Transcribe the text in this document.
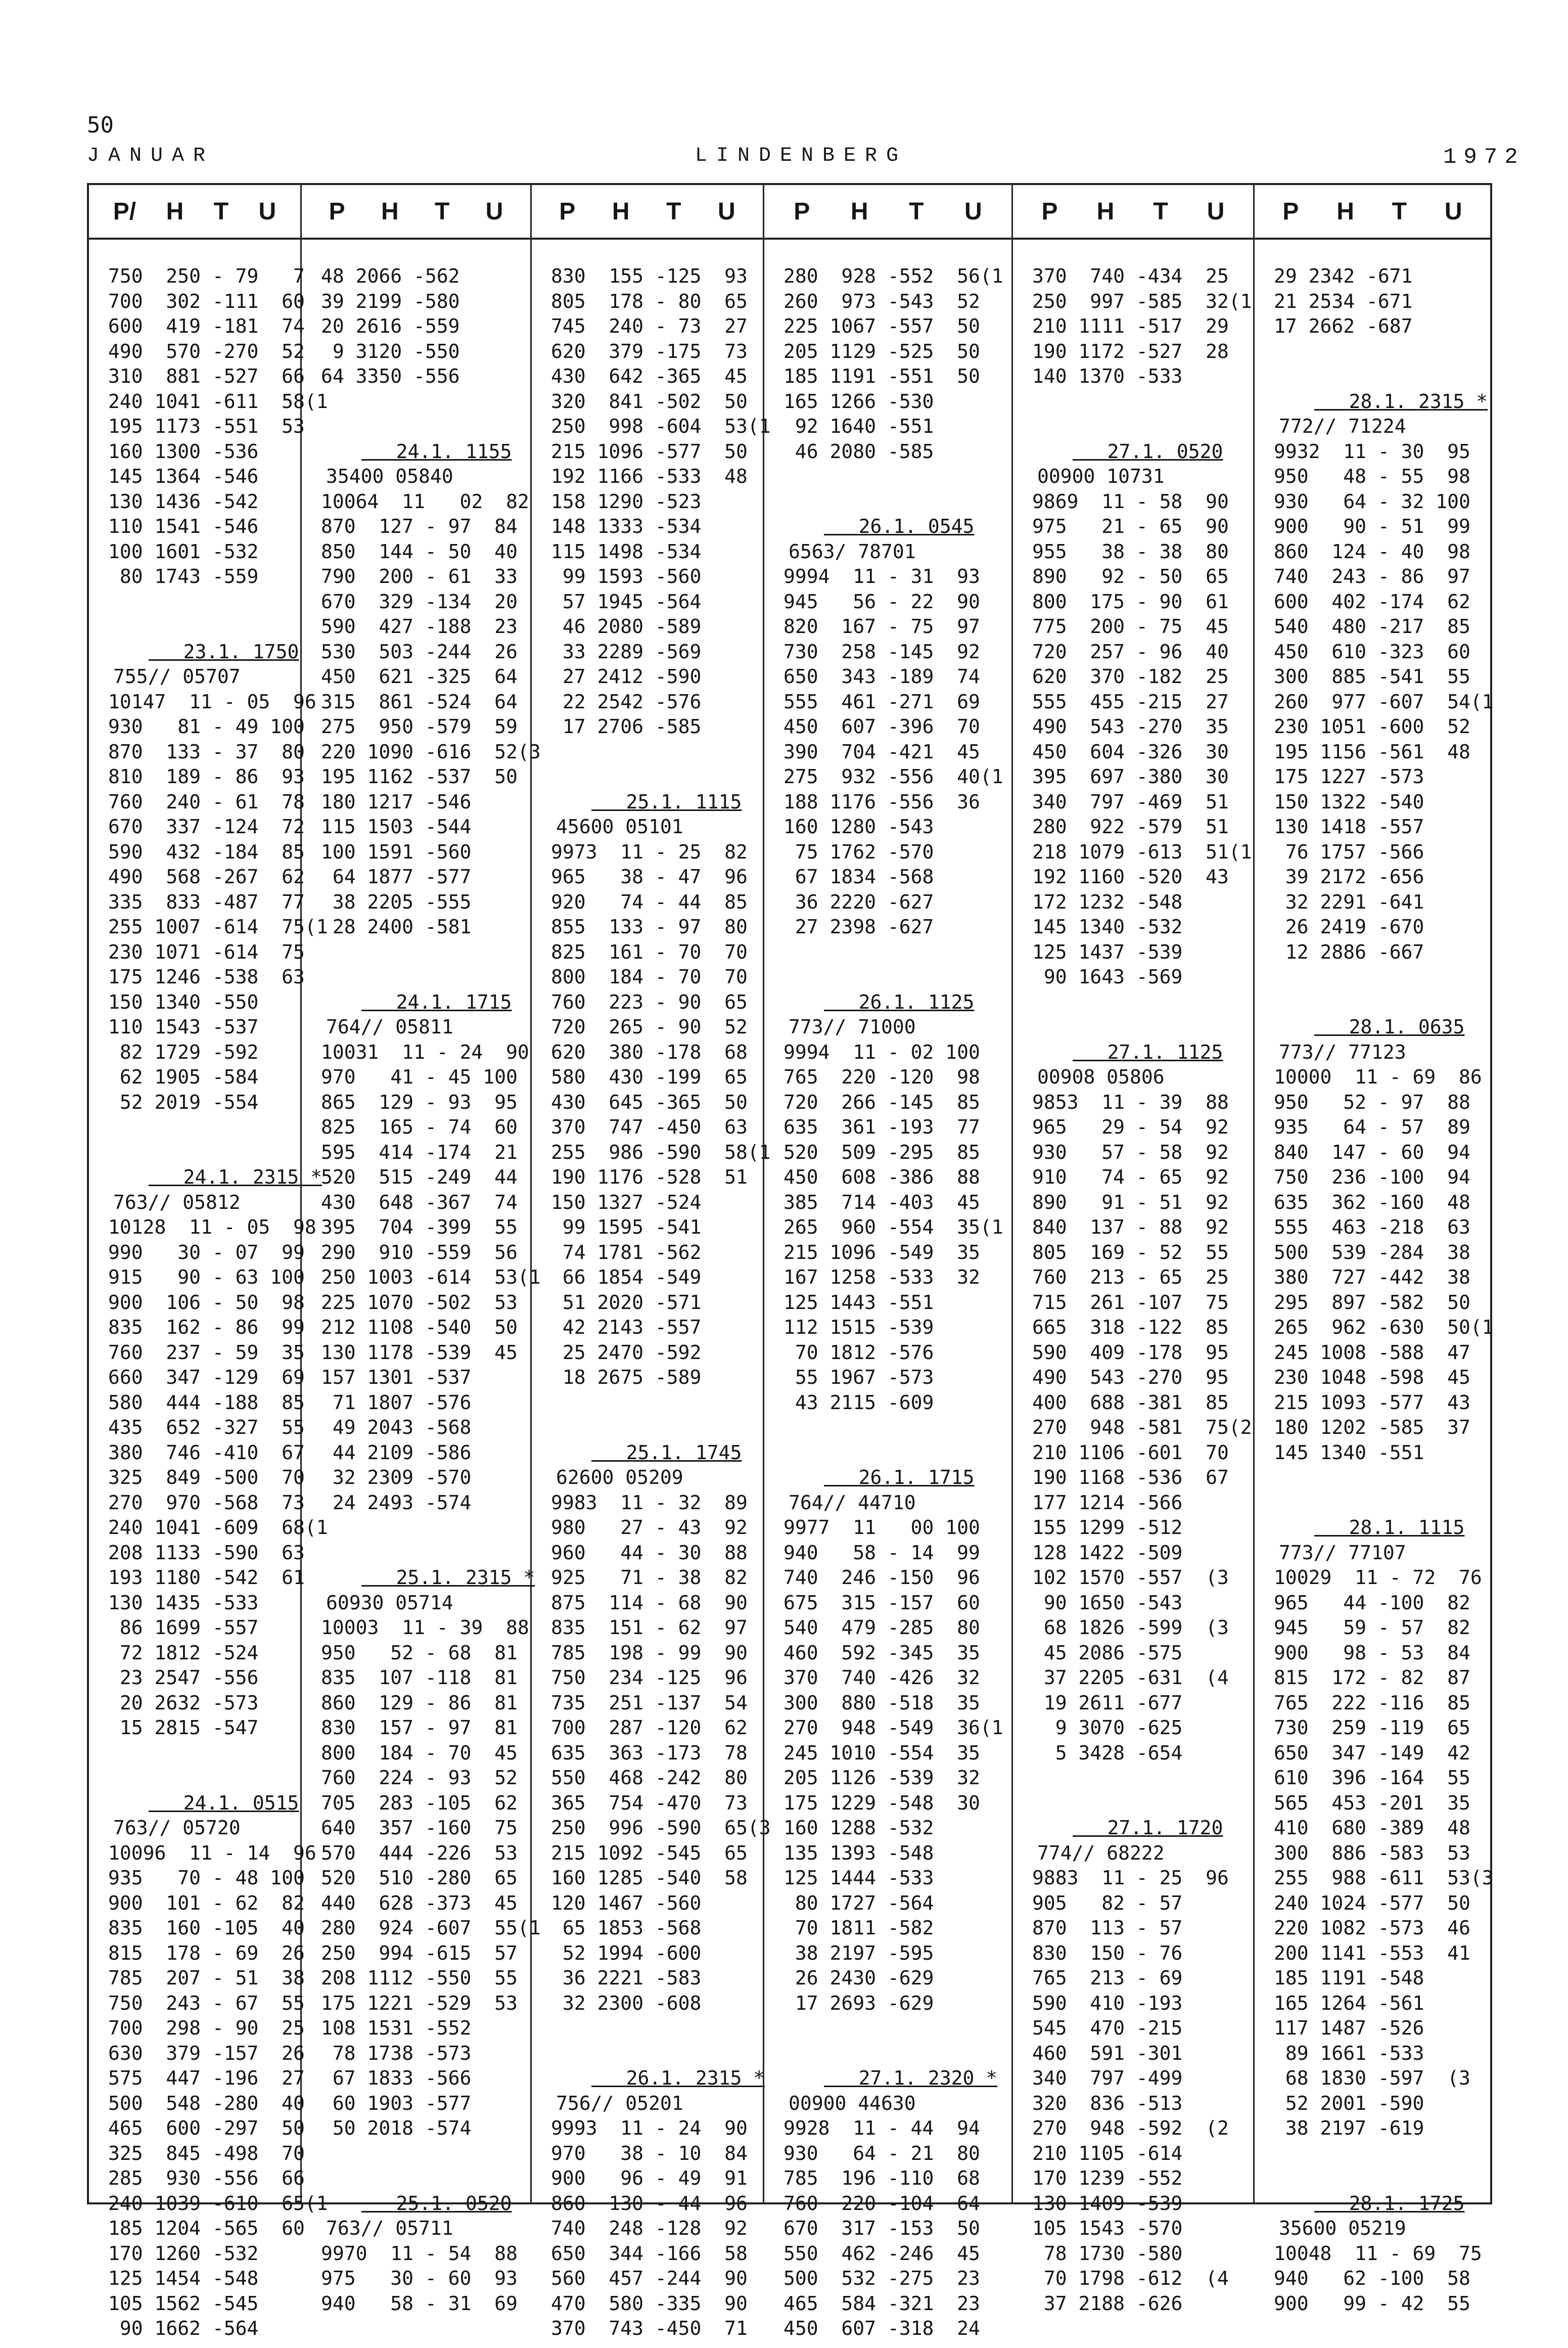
50
JANUAR	LINDENBERG	1972
P/ H T U
750  250 - 79   7
700  302 -111  60
600  419 -181  74
490  570 -270  52
310  881 -527  66
240 1041 -611  58(1
195 1173 -551  53
160 1300 -536
145 1364 -546
130 1436 -542
110 1541 -546
100 1601 -532
80 1743 -559
23.1. 1750
755// 05707
10147  11 - 05  96
930   81 - 49 100
870  133 - 37  80
810  189 - 86  93
760  240 - 61  78
670  337 -124  72
590  432 -184  85
490  568 -267  62
335  833 -487  77
255 1007 -614  75(1
230 1071 -614  75
175 1246 -538  63
150 1340 -550
110 1543 -537
82 1729 -592
62 1905 -584
52 2019 -554
24.1. 2315 *
763// 05812
10128  11 - 05  98
990   30 - 07  99
915   90 - 63 100
900  106 - 50  98
835  162 - 86  99
760  237 - 59  35
660  347 -129  69
580  444 -188  85
435  652 -327  55
380  746 -410  67
325  849 -500  70
270  970 -568  73
240 1041 -609  68(1
208 1133 -590  63
193 1180 -542  61
130 1435 -533
86 1699 -557
72 1812 -524
23 2547 -556
20 2632 -573
15 2815 -547
24.1. 0515
763// 05720
10096  11 - 14  96
935   70 - 48 100
900  101 - 62  82
835  160 -105  40
815  178 - 69  26
785  207 - 51  38
750  243 - 67  55
700  298 - 90  25
630  379 -157  26
575  447 -196  27
500  548 -280  40
465  600 -297  50
325  845 -498  70
285  930 -556  66
240 1039 -610  65(1
185 1204 -565  60
170 1260 -532
125 1454 -548
105 1562 -545
90 1662 -564
P H T U
48 2066 -562
39 2199 -580
20 2616 -559
9 3120 -550
64 3350 -556
24.1. 1155
35400 05840
10064  11   02  82
870  127 - 97  84
850  144 - 50  40
790  200 - 61  33
670  329 -134  20
590  427 -188  23
530  503 -244  26
450  621 -325  64
315  861 -524  64
275  950 -579  59
220 1090 -616  52(3
195 1162 -537  50
180 1217 -546
115 1503 -544
100 1591 -560
64 1877 -577
38 2205 -555
28 2400 -581
24.1. 1715
764// 05811
10031  11 - 24  90
970   41 - 45 100
865  129 - 93  95
825  165 - 74  60
595  414 -174  21
520  515 -249  44
430  648 -367  74
395  704 -399  55
290  910 -559  56
250 1003 -614  53(1
225 1070 -502  53
212 1108 -540  50
130 1178 -539  45
157 1301 -537
71 1807 -576
49 2043 -568
44 2109 -586
32 2309 -570
24 2493 -574
25.1. 2315 *
60930 05714
10003  11 - 39  88
950   52 - 68  81
835  107 -118  81
860  129 - 86  81
830  157 - 97  81
800  184 - 70  45
760  224 - 93  52
705  283 -105  62
640  357 -160  75
570  444 -226  53
520  510 -280  65
440  628 -373  45
280  924 -607  55(1
250  994 -615  57
208 1112 -550  55
175 1221 -529  53
108 1531 -552
78 1738 -573
67 1833 -566
60 1903 -577
50 2018 -574
25.1. 0520
763// 05711
9970  11 - 54  88
975   30 - 60  93
940   58 - 31  69
P H T U
830  155 -125  93
805  178 - 80  65
745  240 - 73  27
620  379 -175  73
430  642 -365  45
320  841 -502  50
250  998 -604  53(1
215 1096 -577  50
192 1166 -533  48
158 1290 -523
148 1333 -534
115 1498 -534
99 1593 -560
57 1945 -564
46 2080 -589
33 2289 -569
27 2412 -590
22 2542 -576
17 2706 -585
25.1. 1115
45600 05101
9973  11 - 25  82
965   38 - 47  96
920   74 - 44  85
855  133 - 97  80
825  161 - 70  70
800  184 - 70  70
760  223 - 90  65
720  265 - 90  52
620  380 -178  68
580  430 -199  65
430  645 -365  50
370  747 -450  63
255  986 -590  58(1
190 1176 -528  51
150 1327 -524
99 1595 -541
74 1781 -562
66 1854 -549
51 2020 -571
42 2143 -557
25 2470 -592
18 2675 -589
25.1. 1745
62600 05209
9983  11 - 32  89
980   27 - 43  92
960   44 - 30  88
925   71 - 38  82
875  114 - 68  90
835  151 - 62  97
785  198 - 99  90
750  234 -125  96
735  251 -137  54
700  287 -120  62
635  363 -173  78
550  468 -242  80
365  754 -470  73
250  996 -590  65(3
215 1092 -545  65
160 1285 -540  58
120 1467 -560
65 1853 -568
52 1994 -600
36 2221 -583
32 2300 -608
26.1. 2315 *
756// 05201
9993  11 - 24  90
970   38 - 10  84
900   96 - 49  91
860  130 - 44  96
740  248 -128  92
650  344 -166  58
560  457 -244  90
470  580 -335  90
370  743 -450  71
P H T U
280  928 -552  56(1
260  973 -543  52
225 1067 -557  50
205 1129 -525  50
185 1191 -551  50
165 1266 -530
92 1640 -551
46 2080 -585
26.1. 0545
6563/ 78701
9994  11 - 31  93
945   56 - 22  90
820  167 - 75  97
730  258 -145  92
650  343 -189  74
555  461 -271  69
450  607 -396  70
390  704 -421  45
275  932 -556  40(1
188 1176 -556  36
160 1280 -543
75 1762 -570
67 1834 -568
36 2220 -627
27 2398 -627
26.1. 1125
773// 71000
9994  11 - 02 100
765  220 -120  98
720  266 -145  85
635  361 -193  77
520  509 -295  85
450  608 -386  88
385  714 -403  45
265  960 -554  35(1
215 1096 -549  35
167 1258 -533  32
125 1443 -551
112 1515 -539
70 1812 -576
55 1967 -573
43 2115 -609
26.1. 1715
764// 44710
9977  11   00 100
940   58 - 14  99
740  246 -150  96
675  315 -157  60
540  479 -285  80
460  592 -345  35
370  740 -426  32
300  880 -518  35
270  948 -549  36(1
245 1010 -554  35
205 1126 -539  32
175 1229 -548  30
160 1288 -532
135 1393 -548
125 1444 -533
80 1727 -564
70 1811 -582
38 2197 -595
26 2430 -629
17 2693 -629
27.1. 2320 *
00900 44630
9928  11 - 44  94
930   64 - 21  80
785  196 -110  68
760  220 -104  64
670  317 -153  50
550  462 -246  45
500  532 -275  23
465  584 -321  23
450  607 -318  24
P H T U
370  740 -434  25
250  997 -585  32(1
210 1111 -517  29
190 1172 -527  28
140 1370 -533
27.1. 0520
00900 10731
9869  11 - 58  90
975   21 - 65  90
955   38 - 38  80
890   92 - 50  65
800  175 - 90  61
775  200 - 75  45
720  257 - 96  40
620  370 -182  25
555  455 -215  27
490  543 -270  35
450  604 -326  30
395  697 -380  30
340  797 -469  51
280  922 -579  51
218 1079 -613  51(1
192 1160 -520  43
172 1232 -548
145 1340 -532
125 1437 -539
90 1643 -569
27.1. 1125
00908 05806
9853  11 - 39  88
965   29 - 54  92
930   57 - 58  92
910   74 - 65  92
890   91 - 51  92
840  137 - 88  92
805  169 - 52  55
760  213 - 65  25
715  261 -107  75
665  318 -122  85
590  409 -178  95
490  543 -270  95
400  688 -381  85
270  948 -581  75(2
210 1106 -601  70
190 1168 -536  67
177 1214 -566
155 1299 -512
128 1422 -509
102 1570 -557  (3
90 1650 -543
68 1826 -599  (3
45 2086 -575
37 2205 -631  (4
19 2611 -677
9 3070 -625
5 3428 -654
27.1. 1720
774// 68222
9883  11 - 25  96
905   82 - 57
870  113 - 57
830  150 - 76
765  213 - 69
590  410 -193
545  470 -215
460  591 -301
340  797 -499
320  836 -513
270  948 -592  (2
210 1105 -614
170 1239 -552
130 1409 -539
105 1543 -570
78 1730 -580
70 1798 -612  (4
37 2188 -626
P H T U
29 2342 -671
21 2534 -671
17 2662 -687
28.1. 2315 *
772// 71224
9932  11 - 30  95
950   48 - 55  98
930   64 - 32 100
900   90 - 51  99
860  124 - 40  98
740  243 - 86  97
600  402 -174  62
540  480 -217  85
450  610 -323  60
300  885 -541  55
260  977 -607  54(1
230 1051 -600  52
195 1156 -561  48
175 1227 -573
150 1322 -540
130 1418 -557
76 1757 -566
39 2172 -656
32 2291 -641
26 2419 -670
12 2886 -667
28.1. 0635
773// 77123
10000  11 - 69  86
950   52 - 97  88
935   64 - 57  89
840  147 - 60  94
750  236 -100  94
635  362 -160  48
555  463 -218  63
500  539 -284  38
380  727 -442  38
295  897 -582  50
265  962 -630  50(1
245 1008 -588  47
230 1048 -598  45
215 1093 -577  43
180 1202 -585  37
145 1340 -551
28.1. 1115
773// 77107
10029  11 - 72  76
965   44 -100  82
945   59 - 57  82
900   98 - 53  84
815  172 - 82  87
765  222 -116  85
730  259 -119  65
650  347 -149  42
610  396 -164  55
565  453 -201  35
410  680 -389  48
300  886 -583  53
255  988 -611  53(3
240 1024 -577  50
220 1082 -573  46
200 1141 -553  41
185 1191 -548
165 1264 -561
117 1487 -526
89 1661 -533
68 1830 -597  (3
52 2001 -590
38 2197 -619
28.1. 1725
35600 05219
10048  11 - 69  75
940   62 -100  58
900   99 - 42  55
